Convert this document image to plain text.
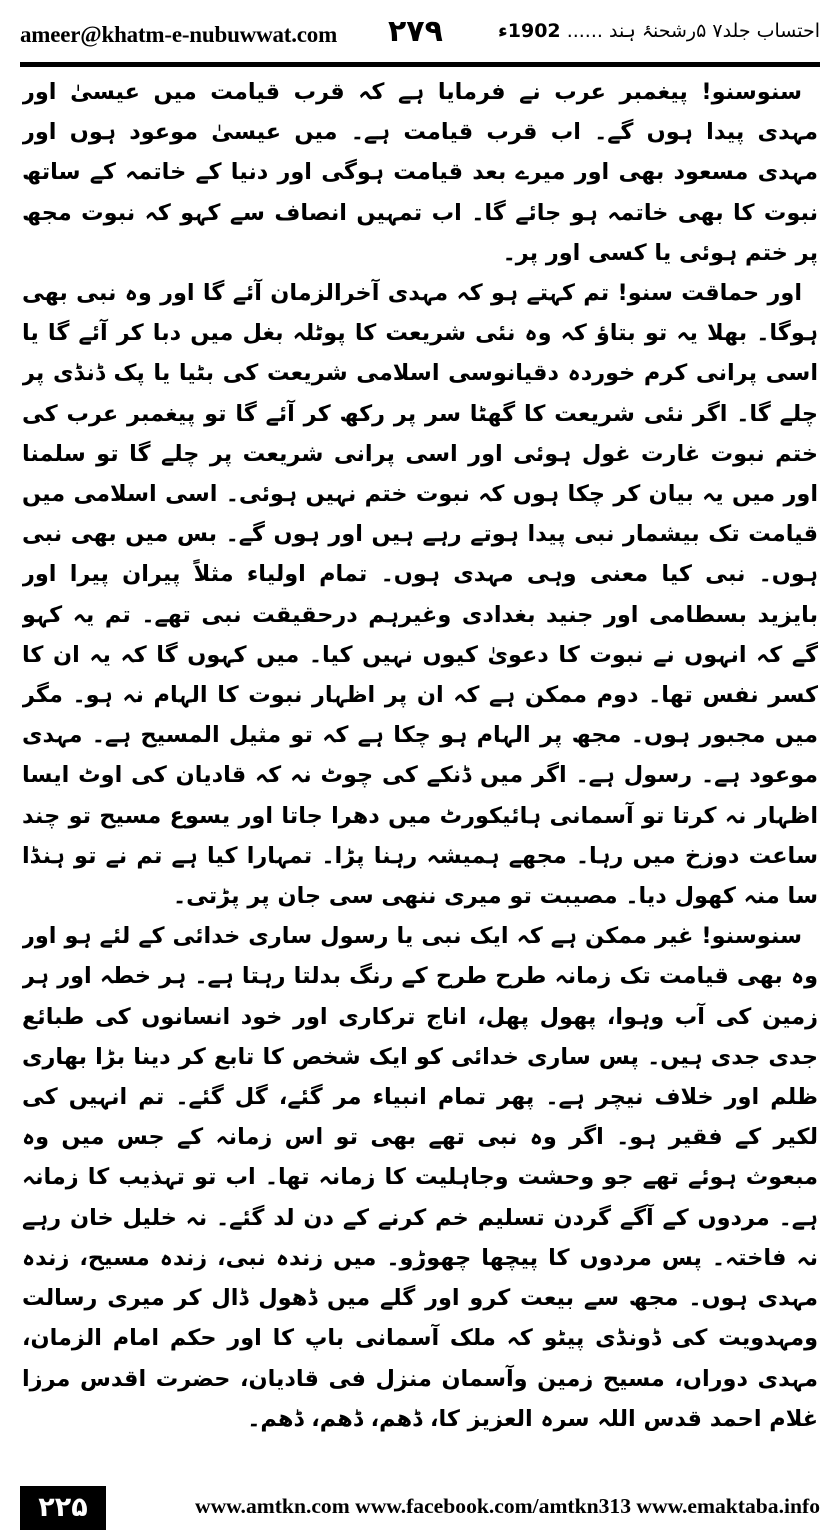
ameer@khatm-e-nubuwwat.com ۲۷۹	احتساب جلد۷ ۵رشحنۂ ہند ...... 1902ء

سنوسنو! پیغمبر عرب نے فرمایا ہے کہ قرب قیامت میں عیسیٰ اور مہدی پیدا ہوں گے۔ اب قرب قیامت ہے۔ میں عیسیٰ موعود ہوں اور مہدی مسعود بھی اور میرے بعد قیامت ہوگی اور دنیا کے خاتمہ کے ساتھ نبوت کا بھی خاتمہ ہو جائے گا۔ اب تمہیں انصاف سے کہو کہ نبوت مجھ پر ختم ہوئی یا کسی اور پر۔

اور حماقت سنو! تم کہتے ہو کہ مہدی آخرالزمان آئے گا اور وہ نبی بھی ہوگا۔ بھلا یہ تو بتاؤ کہ وہ نئی شریعت کا پوٹلہ بغل میں دبا کر آئے گا یا اسی پرانی کرم خوردہ دقیانوسی اسلامی شریعت کی بٹیا یا پک ڈنڈی پر چلے گا۔ اگر نئی شریعت کا گھٹا سر پر رکھ کر آئے گا تو پیغمبر عرب کی ختم نبوت غارت غول ہوئی اور اسی پرانی شریعت پر چلے گا تو سلمنا اور میں یہ بیان کر چکا ہوں کہ نبوت ختم نہیں ہوئی۔ اسی اسلامی میں قیامت تک بیشمار نبی پیدا ہوتے رہے ہیں اور ہوں گے۔ بس میں بھی نبی ہوں۔ نبی کیا معنی وہی مہدی ہوں۔ تمام اولیاء مثلاً پیران پیرا اور بایزید بسطامی اور جنید بغدادی وغیرہم درحقیقت نبی تھے۔ تم یہ کہو گے کہ انہوں نے نبوت کا دعویٰ کیوں نہیں کیا۔ میں کہوں گا کہ یہ ان کا کسر نفس تھا۔ دوم ممکن ہے کہ ان پر اظہار نبوت کا الہام نہ ہو۔ مگر میں مجبور ہوں۔ مجھ پر الہام ہو چکا ہے کہ تو مثیل المسیح ہے۔ مہدی موعود ہے۔ رسول ہے۔ اگر میں ڈنکے کی چوٹ نہ کہ قادیان کی اوٹ ایسا اظہار نہ کرتا تو آسمانی ہائیکورٹ میں دھرا جاتا اور یسوع مسیح تو چند ساعت دوزخ میں رہا۔ مجھے ہمیشہ رہنا پڑا۔ تمہارا کیا ہے تم نے تو ہنڈا سا منہ کھول دیا۔ مصیبت تو میری ننھی سی جان پر پڑتی۔

سنوسنو! غیر ممکن ہے کہ ایک نبی یا رسول ساری خدائی کے لئے ہو اور وہ بھی قیامت تک زمانہ طرح طرح کے رنگ بدلتا رہتا ہے۔ ہر خطہ اور ہر زمین کی آب وہوا، پھول پھل، اناج ترکاری اور خود انسانوں کی طبائع جدی جدی ہیں۔ پس ساری خدائی کو ایک شخص کا تابع کر دینا بڑا بھاری ظلم اور خلاف نیچر ہے۔ پھر تمام انبیاء مر گئے، گل گئے۔ تم انہیں کی لکیر کے فقیر ہو۔ اگر وہ نبی تھے بھی تو اس زمانہ کے جس میں وہ مبعوث ہوئے تھے جو وحشت وجاہلیت کا زمانہ تھا۔ اب تو تہذیب کا زمانہ ہے۔ مردوں کے آگے گردن تسلیم خم کرنے کے دن لد گئے۔ نہ خلیل خان رہے نہ فاختہ۔ پس مردوں کا پیچھا چھوڑو۔ میں زندہ نبی، زندہ مسیح، زندہ مہدی ہوں۔ مجھ سے بیعت کرو اور گلے میں ڈھول ڈال کر میری رسالت ومہدویت کی ڈونڈی پیٹو کہ ملک آسمانی باپ کا اور حکم امام الزمان، مہدی دوراں، مسیح زمین وآسمان منزل فی قادیان، حضرت اقدس مرزا غلام احمد قدس اللہ سرہ العزیز کا، ڈھم، ڈھم، ڈھم۔

۲۲۵	www.amtkn.com www.facebook.com/amtkn313 www.emaktaba.info
